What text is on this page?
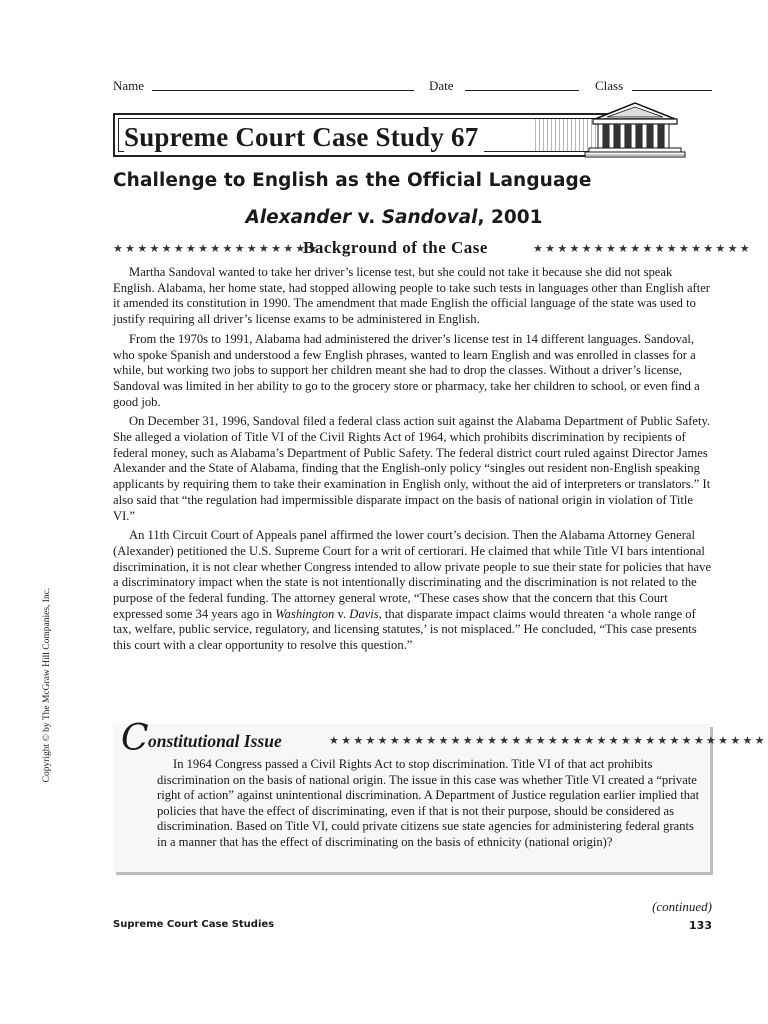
Name	Date	Class
Supreme Court Case Study 67
Challenge to English as the Official Language
Alexander v. Sandoval, 2001
★★★★★★★★★★★★★★★★★
Background of the Case	★★★★★★★★★★★★★★★★★★

Martha Sandoval wanted to take her driver’s license test, but she could not take it because she did not speak English. Alabama, her home state, had stopped allowing people to take such tests in languages other than English after it amended its constitution in 1990. The amendment that made English the official language of the state was used to justify requiring all driver’s license exams to be administered in English.

From the 1970s to 1991, Alabama had administered the driver’s license test in 14 different languages. Sandoval, who spoke Spanish and understood a few English phrases, wanted to learn English and was enrolled in classes for a while, but working two jobs to support her children meant she had to drop the classes. Without a driver’s license, Sandoval was limited in her ability to go to the grocery store or pharmacy, take her children to school, or even find a good job.

On December 31, 1996, Sandoval filed a federal class action suit against the Alabama Department of Public Safety. She alleged a violation of Title VI of the Civil Rights Act of 1964, which prohibits discrimination by recipients of federal money, such as Alabama’s Department of Public Safety. The federal district court ruled against Director James Alexander and the State of Alabama, finding that the English-only policy “singles out resident non-English speaking applicants by requiring them to take their examination in English only, without the aid of interpreters or translators.” It also said that “the regulation had impermissible disparate impact on the basis of national origin in violation of Title VI.”

An 11th Circuit Court of Appeals panel affirmed the lower court’s decision. Then the Alabama Attorney General (Alexander) petitioned the U.S. Supreme Court for a writ of certiorari. He claimed that while Title VI bars intentional discrimination, it is not clear whether Congress intended to allow private people to sue their state for policies that have a discriminatory impact when the state is not intentionally discriminating and the discrimination is not related to the purpose of the federal funding. The attorney general wrote, “These cases show that the concern that this Court expressed some 34 years ago in Washington v. Davis, that disparate impact claims would threaten ‘a whole range of tax, welfare, public service, regulatory, and licensing statutes,’ is not misplaced.” He concluded, “This case presents this court with a clear opportunity to resolve this question.”

C onstitutional Issue	★★★★★★★★★★★★★★★★★★★★★★★★★★★★★★★★★★★★

In 1964 Congress passed a Civil Rights Act to stop discrimination. Title VI of that act prohibits discrimination on the basis of national origin. The issue in this case was whether Title VI created a “private right of action” against unintentional discrimination. A Department of Justice regulation earlier implied that policies that have the effect of discriminating, even if that is not their purpose, should be considered as discrimination. Based on Title VI, could private citizens sue state agencies for administering federal grants in a manner that has the effect of discriminating on the basis of ethnicity (national origin)?

Copyright © by The McGraw Hill Companies, Inc.
(continued)
Supreme Court Case Studies	133
